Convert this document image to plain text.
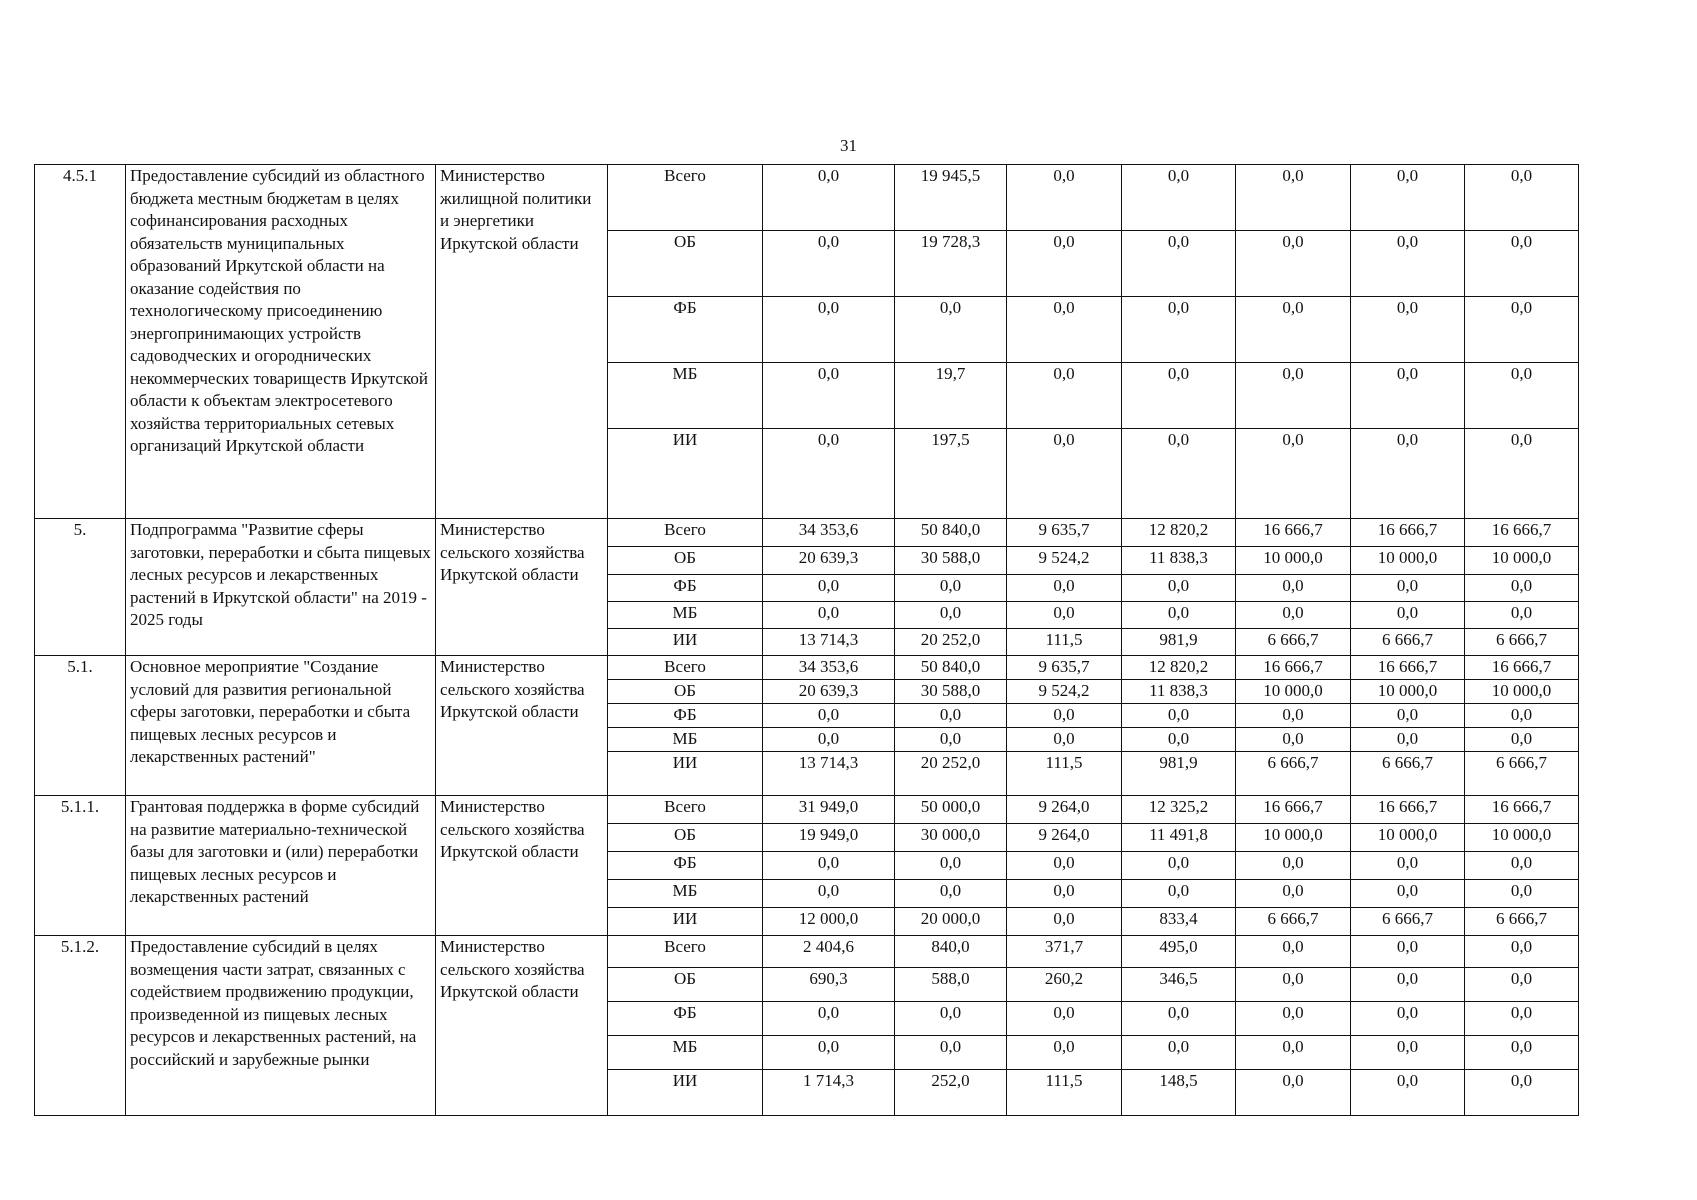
31
4.5.1	Предоставление субсидий из областного бюджета местным бюджетам в целях софинансирования расходных обязательств муниципальных образований Иркутской области на оказание содействия по технологическому присоединению энергопринимающих устройств садоводческих и огороднических некоммерческих товариществ Иркутской области к объектам электросетевого хозяйства территориальных сетевых организаций Иркутской области	Министерство жилищной политики и энергетики Иркутской области	Всего	0,0	19 945,5	0,0	0,0	0,0	0,0	0,0
			ОБ	0,0	19 728,3	0,0	0,0	0,0	0,0	0,0
			ФБ	0,0	0,0	0,0	0,0	0,0	0,0	0,0
			МБ	0,0	19,7	0,0	0,0	0,0	0,0	0,0
			ИИ	0,0	197,5	0,0	0,0	0,0	0,0	0,0
5.	Подпрограмма "Развитие сферы заготовки, переработки и сбыта пищевых лесных ресурсов и лекарственных растений в Иркутской области" на 2019 - 2025 годы	Министерство сельского хозяйства Иркутской области	Всего	34 353,6	50 840,0	9 635,7	12 820,2	16 666,7	16 666,7	16 666,7
			ОБ	20 639,3	30 588,0	9 524,2	11 838,3	10 000,0	10 000,0	10 000,0
			ФБ	0,0	0,0	0,0	0,0	0,0	0,0	0,0
			МБ	0,0	0,0	0,0	0,0	0,0	0,0	0,0
			ИИ	13 714,3	20 252,0	111,5	981,9	6 666,7	6 666,7	6 666,7
5.1.	Основное мероприятие "Создание условий для развития региональной сферы заготовки, переработки и сбыта пищевых лесных ресурсов и лекарственных растений"	Министерство сельского хозяйства Иркутской области	Всего	34 353,6	50 840,0	9 635,7	12 820,2	16 666,7	16 666,7	16 666,7
			ОБ	20 639,3	30 588,0	9 524,2	11 838,3	10 000,0	10 000,0	10 000,0
			ФБ	0,0	0,0	0,0	0,0	0,0	0,0	0,0
			МБ	0,0	0,0	0,0	0,0	0,0	0,0	0,0
			ИИ	13 714,3	20 252,0	111,5	981,9	6 666,7	6 666,7	6 666,7
5.1.1.	Грантовая поддержка в форме субсидий на развитие материально-технической базы для заготовки и (или) переработки пищевых лесных ресурсов и лекарственных растений	Министерство сельского хозяйства Иркутской области	Всего	31 949,0	50 000,0	9 264,0	12 325,2	16 666,7	16 666,7	16 666,7
			ОБ	19 949,0	30 000,0	9 264,0	11 491,8	10 000,0	10 000,0	10 000,0
			ФБ	0,0	0,0	0,0	0,0	0,0	0,0	0,0
			МБ	0,0	0,0	0,0	0,0	0,0	0,0	0,0
			ИИ	12 000,0	20 000,0	0,0	833,4	6 666,7	6 666,7	6 666,7
5.1.2.	Предоставление субсидий в целях возмещения части затрат, связанных с содействием продвижению продукции, произведенной из пищевых лесных ресурсов и лекарственных растений, на российский и зарубежные рынки	Министерство сельского хозяйства Иркутской области	Всего	2 404,6	840,0	371,7	495,0	0,0	0,0	0,0
			ОБ	690,3	588,0	260,2	346,5	0,0	0,0	0,0
			ФБ	0,0	0,0	0,0	0,0	0,0	0,0	0,0
			МБ	0,0	0,0	0,0	0,0	0,0	0,0	0,0
			ИИ	1 714,3	252,0	111,5	148,5	0,0	0,0	0,0
